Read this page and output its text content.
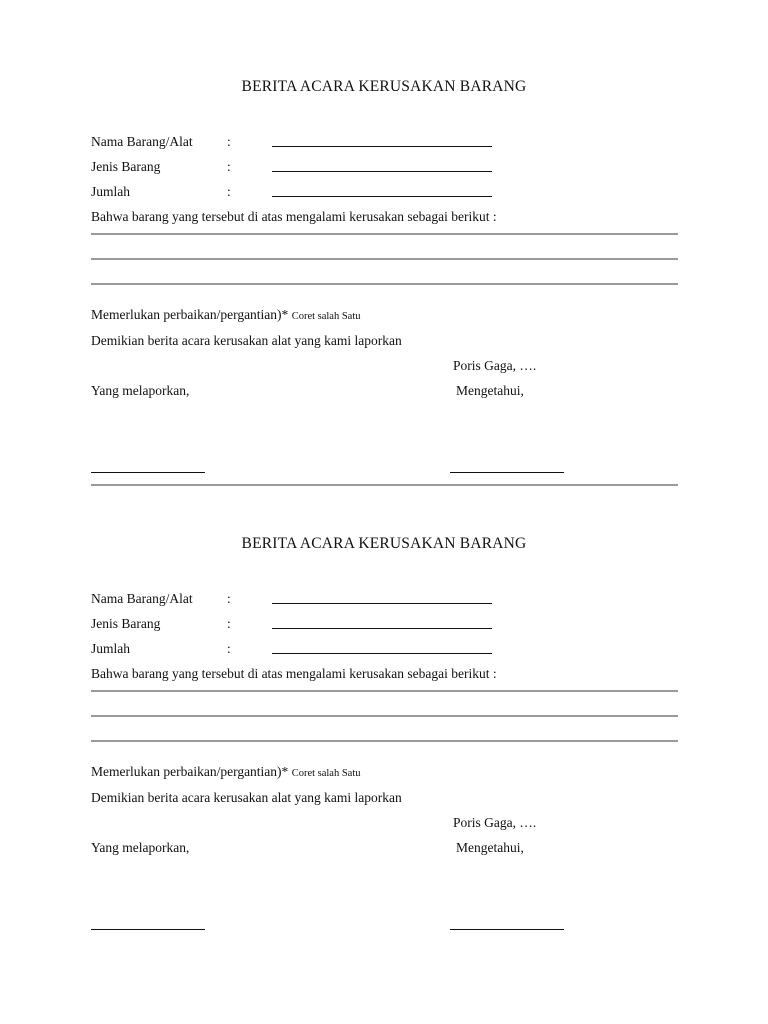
BERITA ACARA KERUSAKAN BARANG
Nama Barang/Alat	:
Jenis Barang	:
Jumlah	:
Bahwa barang yang tersebut di atas mengalami kerusakan sebagai berikut :
Memerlukan perbaikan/pergantian)* Coret salah Satu
Demikian berita acara kerusakan alat yang kami laporkan
Poris Gaga, ….
Yang melaporkan,	Mengetahui,
BERITA ACARA KERUSAKAN BARANG
Nama Barang/Alat	:
Jenis Barang	:
Jumlah	:
Bahwa barang yang tersebut di atas mengalami kerusakan sebagai berikut :
Memerlukan perbaikan/pergantian)* Coret salah Satu
Demikian berita acara kerusakan alat yang kami laporkan
Poris Gaga, ….
Yang melaporkan,	Mengetahui,
